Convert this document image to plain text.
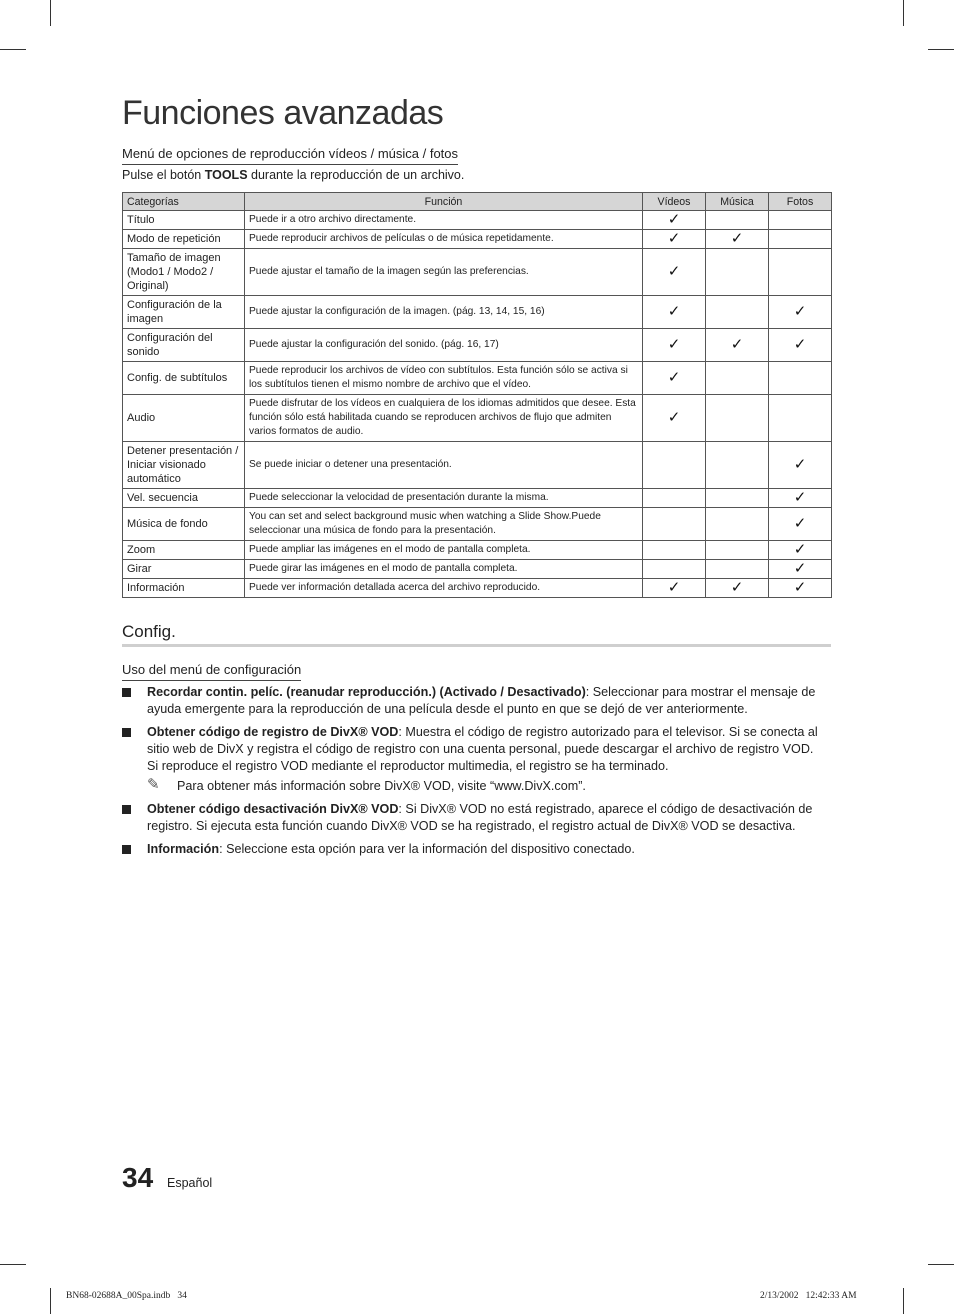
Funciones avanzadas
Menú de opciones de reproducción vídeos / música / fotos
Pulse el botón TOOLS durante la reproducción de un archivo.
Categorías	Función	Vídeos	Música	Fotos
Título	Puede ir a otro archivo directamente.	✓		
Modo de repetición	Puede reproducir archivos de películas o de música repetidamente.	✓	✓	
Tamaño de imagen (Modo1 / Modo2 / Original)	Puede ajustar el tamaño de la imagen según las preferencias.	✓		
Configuración de la imagen	Puede ajustar la configuración de la imagen. (pág. 13, 14, 15, 16)	✓		✓
Configuración del sonido	Puede ajustar la configuración del sonido. (pág. 16, 17)	✓	✓	✓
Config. de subtítulos	Puede reproducir los archivos de vídeo con subtítulos. Esta función sólo se activa si los subtítulos tienen el mismo nombre de archivo que el vídeo.	✓		
Audio	Puede disfrutar de los vídeos en cualquiera de los idiomas admitidos que desee. Esta función sólo está habilitada cuando se reproducen archivos de flujo que admiten varios formatos de audio.	✓		
Detener presentación / Iniciar visionado automático	Se puede iniciar o detener una presentación.			✓
Vel. secuencia	Puede seleccionar la velocidad de presentación durante la misma.			✓
Música de fondo	You can set and select background music when watching a Slide Show.Puede seleccionar una música de fondo para la presentación.			✓
Zoom	Puede ampliar las imágenes en el modo de pantalla completa.			✓
Girar	Puede girar las imágenes en el modo de pantalla completa.			✓
Información	Puede ver información detallada acerca del archivo reproducido.	✓	✓	✓
Config.
Uso del menú de configuración
Recordar contin. pelíc. (reanudar reproducción.) (Activado / Desactivado): Seleccionar para mostrar el mensaje de ayuda emergente para la reproducción de una película desde el punto en que se dejó de ver anteriormente.
Obtener código de registro de DivX® VOD: Muestra el código de registro autorizado para el televisor. Si se conecta al sitio web de DivX y registra el código de registro con una cuenta personal, puede descargar el archivo de registro VOD. Si reproduce el registro VOD mediante el reproductor multimedia, el registro se ha terminado.
✎ Para obtener más información sobre DivX® VOD, visite “www.DivX.com”.
Obtener código desactivación DivX® VOD: Si DivX® VOD no está registrado, aparece el código de desactivación de registro. Si ejecuta esta función cuando DivX® VOD se ha registrado, el registro actual de DivX® VOD se desactiva.
Información: Seleccione esta opción para ver la información del dispositivo conectado.
34 Español
BN68-02688A_00Spa.indb   34	2/13/2002   12:42:33 AM
